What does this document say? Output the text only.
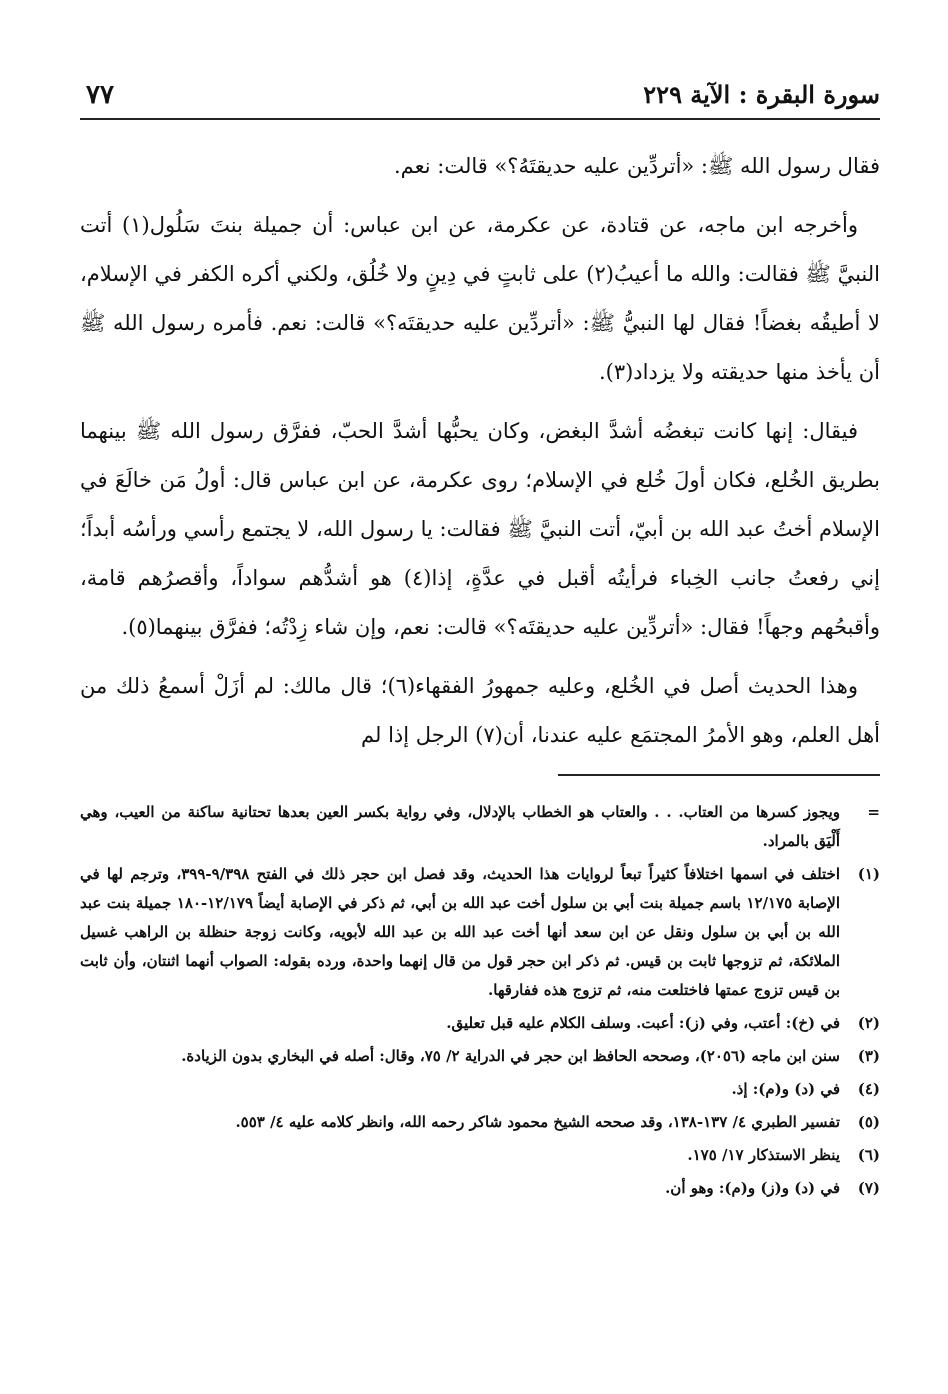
سورة البقرة : الآية ٢٢٩
٧٧

فقال رسول الله ﷺ: «أتردِّين عليه حديقتَهُ؟» قالت: نعم.

وأخرجه ابن ماجه، عن قتادة، عن عكرمة، عن ابن عباس: أن جميلة بنتَ سَلُول(١) أتت النبيَّ ﷺ فقالت: والله ما أعيبُ(٢) على ثابتٍ في دِينٍ ولا خُلُق، ولكني أكره الكفر في الإسلام، لا أطيقُه بغضاً! فقال لها النبيُّ ﷺ: «أتردِّين عليه حديقتَه؟» قالت: نعم. فأمره رسول الله ﷺ أن يأخذ منها حديقته ولا يزداد(٣).

فيقال: إنها كانت تبغضُه أشدَّ البغض، وكان يحبُّها أشدَّ الحبّ، ففرَّق رسول الله ﷺ بينهما بطريق الخُلع، فكان أولَ خُلع في الإسلام؛ روى عكرمة، عن ابن عباس قال: أولُ مَن خالَعَ في الإسلام أختُ عبد الله بن أبيّ، أتت النبيَّ ﷺ فقالت: يا رسول الله، لا يجتمع رأسي ورأسُه أبداً؛ إني رفعتُ جانب الخِباء فرأيتُه أقبل في عدَّةٍ، إذا(٤) هو أشدُّهم سواداً، وأقصرُهم قامة، وأقبحُهم وجهاً! فقال: «أتردِّين عليه حديقتَه؟» قالت: نعم، وإن شاء زِدْتُه؛ ففرَّق بينهما(٥).

وهذا الحديث أصل في الخُلع، وعليه جمهورُ الفقهاء(٦)؛ قال مالك: لم أزَلْ أسمعُ ذلك من أهل العلم، وهو الأمرُ المجتمَع عليه عندنا، أن(٧) الرجل إذا لم

=
ويجوز كسرها من العتاب. . . والعتاب هو الخطاب بالإدلال، وفي رواية بكسر العين بعدها تحتانية ساكنة من العيب، وهي أَلْيَق بالمراد.
(١)
اختلف في اسمها اختلافاً كثيراً تبعاً لروايات هذا الحديث، وقد فصل ابن حجر ذلك في الفتح ٩/٣٩٨-٣٩٩، وترجم لها في الإصابة ١٢/١٧٥ باسم جميلة بنت أبي بن سلول أخت عبد الله بن أبي، ثم ذكر في الإصابة أيضاً ١٢/١٧٩-١٨٠ جميلة بنت عبد الله بن أبي بن سلول ونقل عن ابن سعد أنها أخت عبد الله بن عبد الله لأبويه، وكانت زوجة حنظلة بن الراهب غسيل الملائكة، ثم تزوجها ثابت بن قيس. ثم ذكر ابن حجر قول من قال إنهما واحدة، ورده بقوله: الصواب أنهما اثنتان، وأن ثابت بن قيس تزوج عمتها فاختلعت منه، ثم تزوج هذه ففارقها.
(٢)
في (خ): أعتب، وفي (ز): أعبت. وسلف الكلام عليه قبل تعليق.
(٣)
سنن ابن ماجه (٢٠٥٦)، وصححه الحافظ ابن حجر في الدراية ٢/ ٧٥، وقال: أصله في البخاري بدون الزيادة.
(٤)
في (د) و(م): إذ.
(٥)
تفسير الطبري ٤/ ١٣٧-١٣٨، وقد صححه الشيخ محمود شاكر رحمه الله، وانظر كلامه عليه ٤/ ٥٥٣.
(٦)
ينظر الاستذكار ١٧/ ١٧٥.
(٧)
في (د) و(ز) و(م): وهو أن.
